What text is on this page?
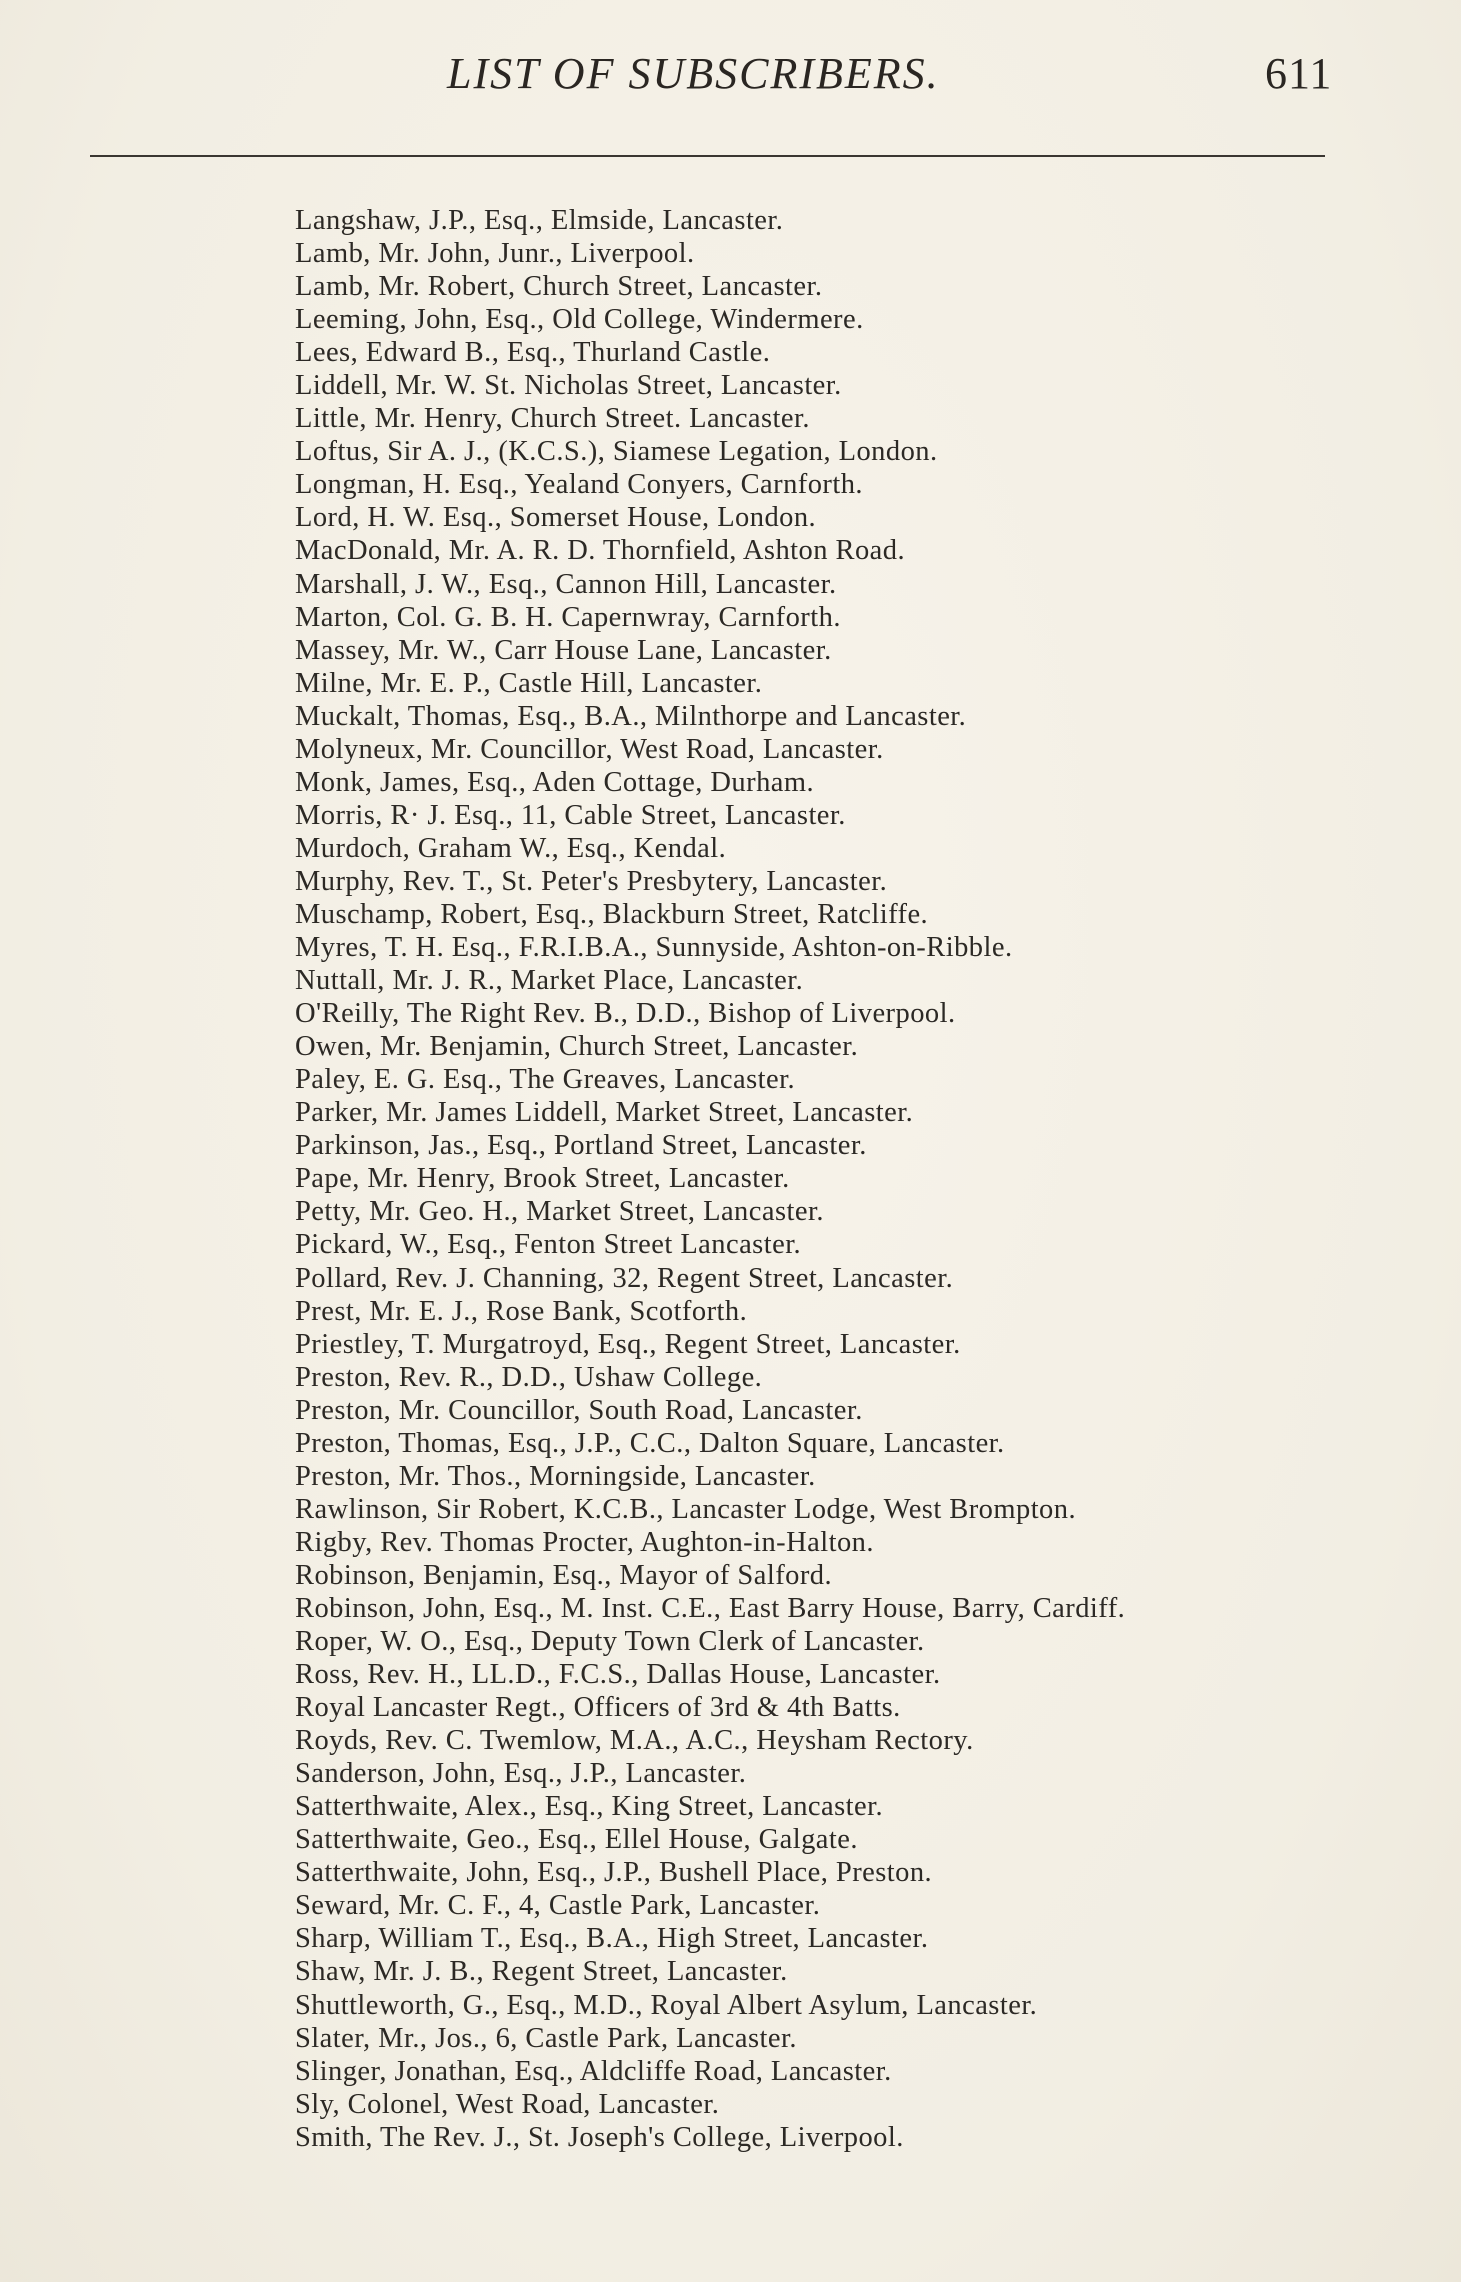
LIST OF SUBSCRIBERS.	611
Langshaw, J.P., Esq., Elmside, Lancaster.
Lamb, Mr. John, Junr., Liverpool.
Lamb, Mr. Robert, Church Street, Lancaster.
Leeming, John, Esq., Old College, Windermere.
Lees, Edward B., Esq., Thurland Castle.
Liddell, Mr. W. St. Nicholas Street, Lancaster.
Little, Mr. Henry, Church Street. Lancaster.
Loftus, Sir A. J., (K.C.S.), Siamese Legation, London.
Longman, H. Esq., Yealand Conyers, Carnforth.
Lord, H. W. Esq., Somerset House, London.
MacDonald, Mr. A. R. D. Thornfield, Ashton Road.
Marshall, J. W., Esq., Cannon Hill, Lancaster.
Marton, Col. G. B. H. Capernwray, Carnforth.
Massey, Mr. W., Carr House Lane, Lancaster.
Milne, Mr. E. P., Castle Hill, Lancaster.
Muckalt, Thomas, Esq., B.A., Milnthorpe and Lancaster.
Molyneux, Mr. Councillor, West Road, Lancaster.
Monk, James, Esq., Aden Cottage, Durham.
Morris, R· J. Esq., 11, Cable Street, Lancaster.
Murdoch, Graham W., Esq., Kendal.
Murphy, Rev. T., St. Peter's Presbytery, Lancaster.
Muschamp, Robert, Esq., Blackburn Street, Ratcliffe.
Myres, T. H. Esq., F.R.I.B.A., Sunnyside, Ashton-on-Ribble.
Nuttall, Mr. J. R., Market Place, Lancaster.
O'Reilly, The Right Rev. B., D.D., Bishop of Liverpool.
Owen, Mr. Benjamin, Church Street, Lancaster.
Paley, E. G. Esq., The Greaves, Lancaster.
Parker, Mr. James Liddell, Market Street, Lancaster.
Parkinson, Jas., Esq., Portland Street, Lancaster.
Pape, Mr. Henry, Brook Street, Lancaster.
Petty, Mr. Geo. H., Market Street, Lancaster.
Pickard, W., Esq., Fenton Street Lancaster.
Pollard, Rev. J. Channing, 32, Regent Street, Lancaster.
Prest, Mr. E. J., Rose Bank, Scotforth.
Priestley, T. Murgatroyd, Esq., Regent Street, Lancaster.
Preston, Rev. R., D.D., Ushaw College.
Preston, Mr. Councillor, South Road, Lancaster.
Preston, Thomas, Esq., J.P., C.C., Dalton Square, Lancaster.
Preston, Mr. Thos., Morningside, Lancaster.
Rawlinson, Sir Robert, K.C.B., Lancaster Lodge, West Brompton.
Rigby, Rev. Thomas Procter, Aughton-in-Halton.
Robinson, Benjamin, Esq., Mayor of Salford.
Robinson, John, Esq., M. Inst. C.E., East Barry House, Barry, Cardiff.
Roper, W. O., Esq., Deputy Town Clerk of Lancaster.
Ross, Rev. H., LL.D., F.C.S., Dallas House, Lancaster.
Royal Lancaster Regt., Officers of 3rd & 4th Batts.
Royds, Rev. C. Twemlow, M.A., A.C., Heysham Rectory.
Sanderson, John, Esq., J.P., Lancaster.
Satterthwaite, Alex., Esq., King Street, Lancaster.
Satterthwaite, Geo., Esq., Ellel House, Galgate.
Satterthwaite, John, Esq., J.P., Bushell Place, Preston.
Seward, Mr. C. F., 4, Castle Park, Lancaster.
Sharp, William T., Esq., B.A., High Street, Lancaster.
Shaw, Mr. J. B., Regent Street, Lancaster.
Shuttleworth, G., Esq., M.D., Royal Albert Asylum, Lancaster.
Slater, Mr., Jos., 6, Castle Park, Lancaster.
Slinger, Jonathan, Esq., Aldcliffe Road, Lancaster.
Sly, Colonel, West Road, Lancaster.
Smith, The Rev. J., St. Joseph's College, Liverpool.
